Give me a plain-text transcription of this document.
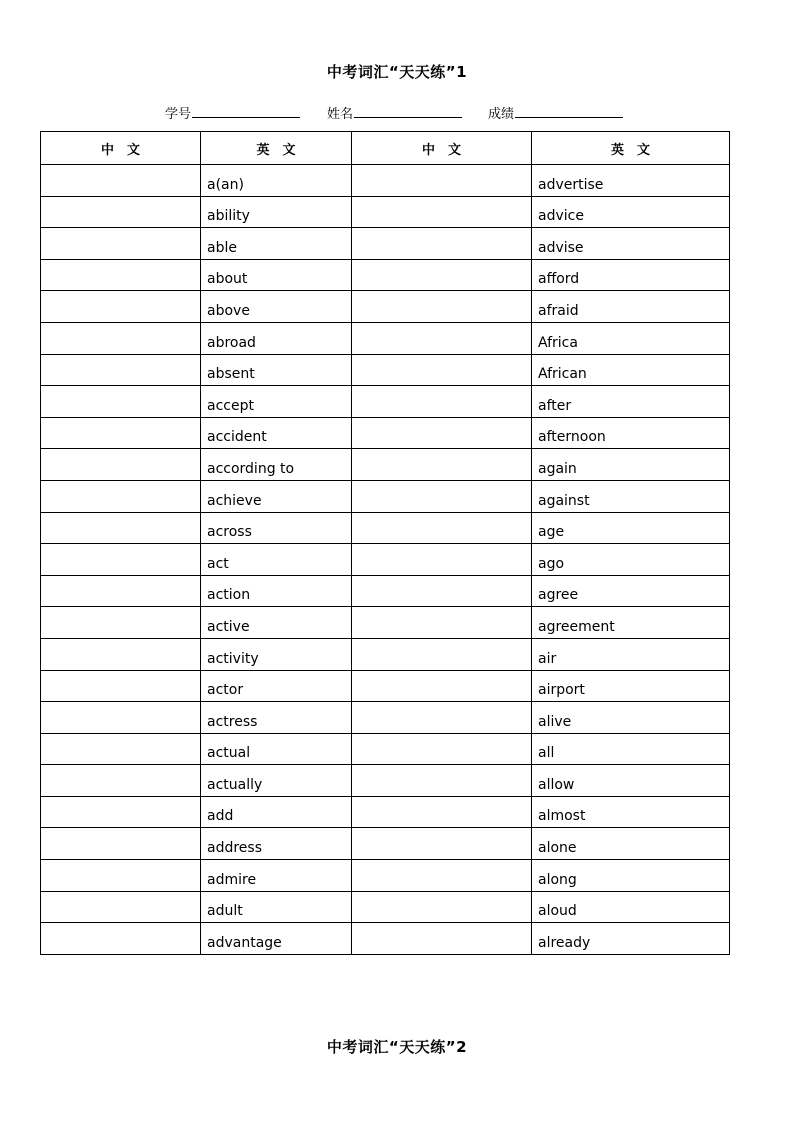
中考词汇“天天练”1
学号	姓名	成绩
中　文	英　文	中　文	英　文
	a(an)		advertise
	ability		advice
	able		advise
	about		afford
	above		afraid
	abroad		Africa
	absent		African
	accept		after
	accident		afternoon
	according to		again
	achieve		against
	across		age
	act		ago
	action		agree
	active		agreement
	activity		air
	actor		airport
	actress		alive
	actual		all
	actually		allow
	add		almost
	address		alone
	admire		along
	adult		aloud
	advantage		already
中考词汇“天天练”2
